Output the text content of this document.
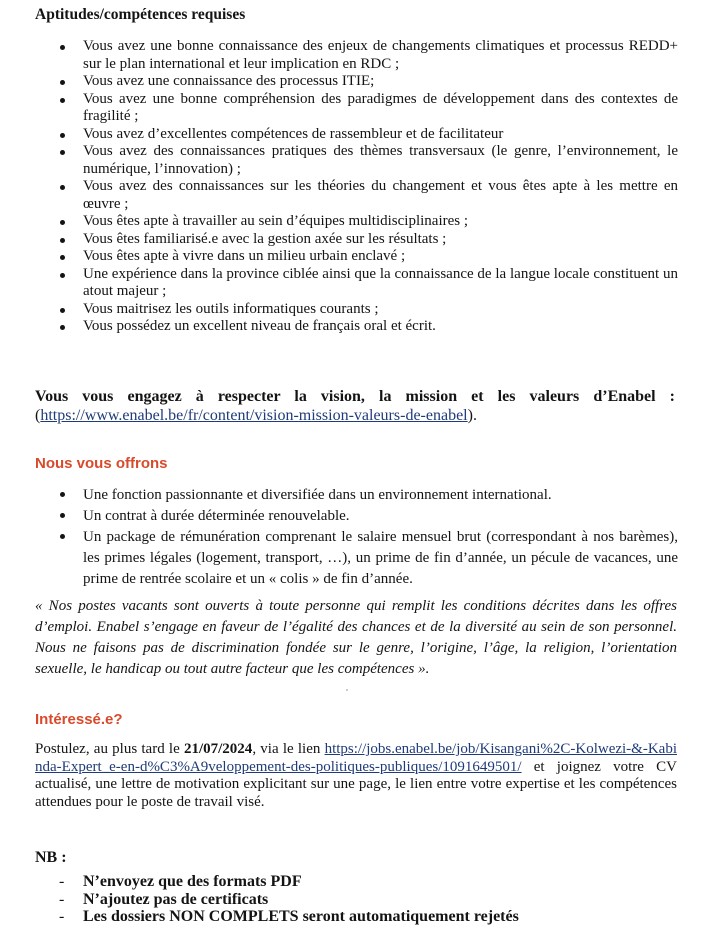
Aptitudes/compétences requises
Vous avez une bonne connaissance des enjeux de changements climatiques et processus REDD+ sur le plan international et leur implication en RDC ;
Vous avez une connaissance des processus ITIE;
Vous avez une bonne compréhension des paradigmes de développement dans des contextes de fragilité ;
Vous avez d’excellentes compétences de rassembleur et de facilitateur
Vous avez des connaissances pratiques des thèmes transversaux (le genre, l’environnement, le numérique, l’innovation) ;
Vous avez des connaissances sur les théories du changement et vous êtes apte à les mettre en œuvre ;
Vous êtes apte à travailler au sein d’équipes multidisciplinaires ;
Vous êtes familiarisé.e avec la gestion axée sur les résultats ;
Vous êtes apte à vivre dans un milieu urbain enclavé ;
Une expérience dans la province ciblée ainsi que la connaissance de la langue locale constituent un atout majeur ;
Vous maitrisez les outils informatiques courants ;
Vous possédez un excellent niveau de français oral et écrit.

Vous vous engagez à respecter la vision, la mission et les valeurs d’Enabel :(https://www.enabel.be/fr/content/vision-mission-valeurs-de-enabel).

Nous vous offrons
Une fonction passionnante et diversifiée dans un environnement international.
Un contrat à durée déterminée renouvelable.
Un package de rémunération comprenant le salaire mensuel brut (correspondant à nos barèmes), les primes légales (logement, transport, …), un prime de fin d’année, un pécule de vacances, une prime de rentrée scolaire et un « colis » de fin d’année.

« Nos postes vacants sont ouverts à toute personne qui remplit les conditions décrites dans les offres d’emploi. Enabel s’engage en faveur de l’égalité des chances et de la diversité au sein de son personnel. Nous ne faisons pas de discrimination fondée sur le genre, l’origine, l’âge, la religion, l’orientation sexuelle, le handicap ou tout autre facteur que les compétences ».

Intéressé.e?

Postulez, au plus tard le 21/07/2024, via le lien https://jobs.enabel.be/job/Kisangani%2C-Kolwezi-&-Kabinda-Expert_e-en-d%C3%A9veloppement-des-politiques-publiques/1091649501/ et joignez votre CV actualisé, une lettre de motivation explicitant sur une page, le lien entre votre expertise et les compétences attendues pour le poste de travail visé.

NB :
- N’envoyez que des formats PDF
- N’ajoutez pas de certificats
- Les dossiers NON COMPLETS seront automatiquement rejetés
